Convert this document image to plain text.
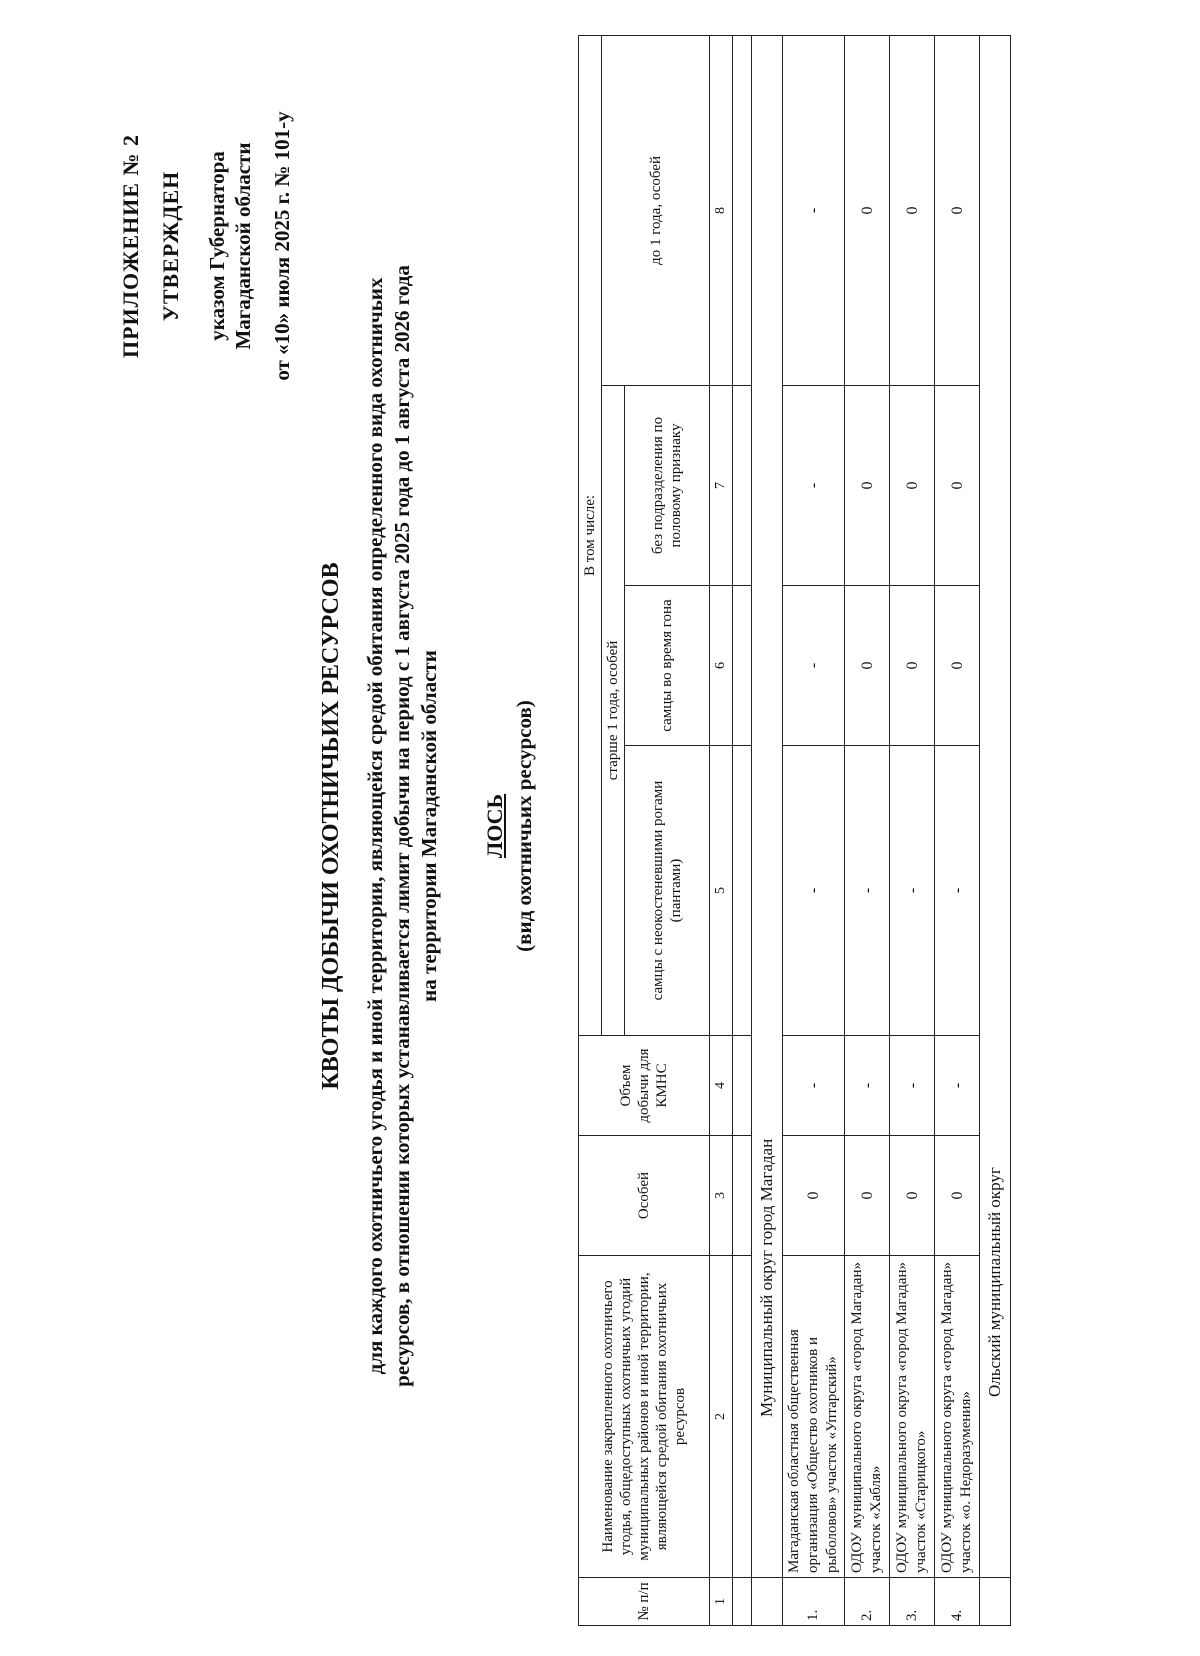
ПРИЛОЖЕНИЕ № 2 УТВЕРЖДЕН указом Губернатора Магаданской области от «10» июля 2025 г. № 101-у
КВОТЫ ДОБЫЧИ ОХОТНИЧЬИХ РЕСУРСОВ для каждого охотничьего угодья и иной территории, являющейся средой обитания определенного вида охотничьих ресурсов, в отношении которых устанавливается лимит добычи на период с 1 августа 2025 года до 1 августа 2026 года на территории Магаданской области ЛОСЬ (вид охотничьих ресурсов)
№ п/п	Наименование закрепленного охотничьего угодья, общедоступных охотничьих угодий муниципальных районов и иной территории, являющейся средой обитания охотничьих ресурсов	Особей	Объем добычи для КМНС	В том числе:			
				старше 1 года, особей			до 1 года, особей
				самцы с неокостеневшими рогами (пантами)	самцы во время гона	без подразделения по половому признаку	
1	2	3	4	5	6	7	8

	Муниципальный округ город Магадан						
1.	Магаданская областная общественная организация «Общество охотников и рыболовов» участок «Уптарский»	0	-	-	-	-	-
2.	ОДОУ муниципального округа «город Магадан» участок «Хабля»	0	-	-	0	0	0
3.	ОДОУ муниципального округа «город Магадан» участок «Старицкого»	0	-	-	0	0	0
4.	ОДОУ муниципального округа «город Магадан» участок «о. Недоразумения»	0	-	-	0	0	0
	Ольский муниципальный округ						
